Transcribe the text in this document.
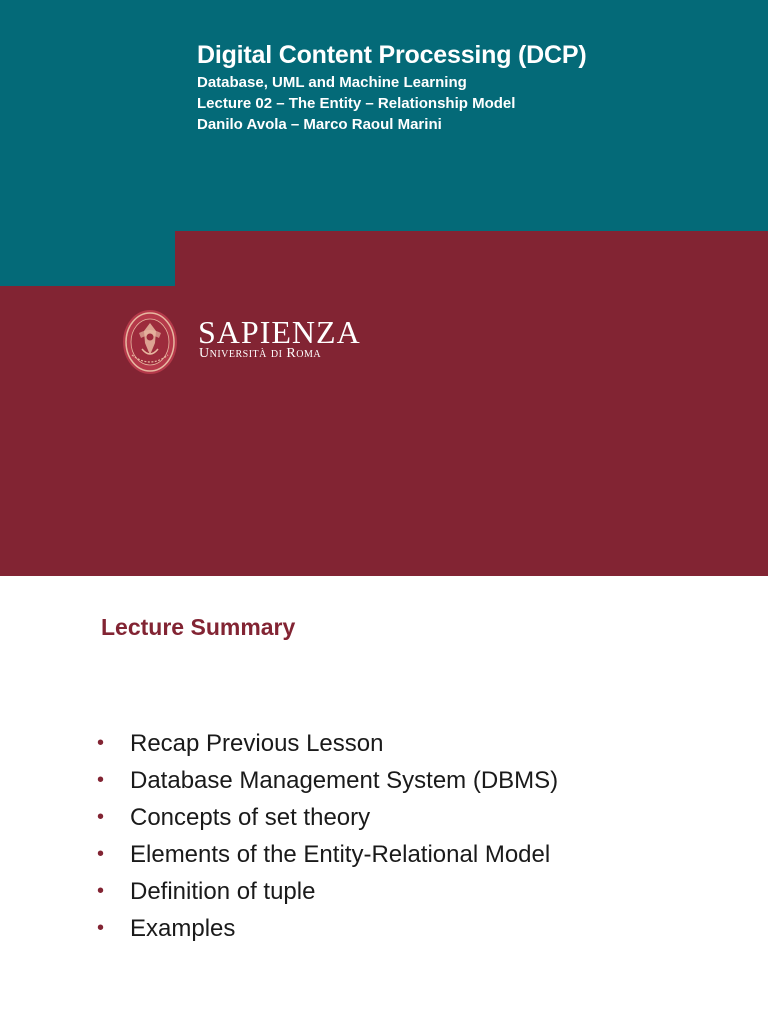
Digital Content Processing (DCP)

Database, UML and Machine Learning

Lecture 02 – The Entity – Relationship Model

Danilo Avola – Marco Raoul Marini

SAPIENZA
Università di Roma
Lecture Summary
• Recap Previous Lesson
• Database Management System (DBMS)
• Concepts of set theory
• Elements of the Entity-Relational Model
• Definition of tuple
• Examples
